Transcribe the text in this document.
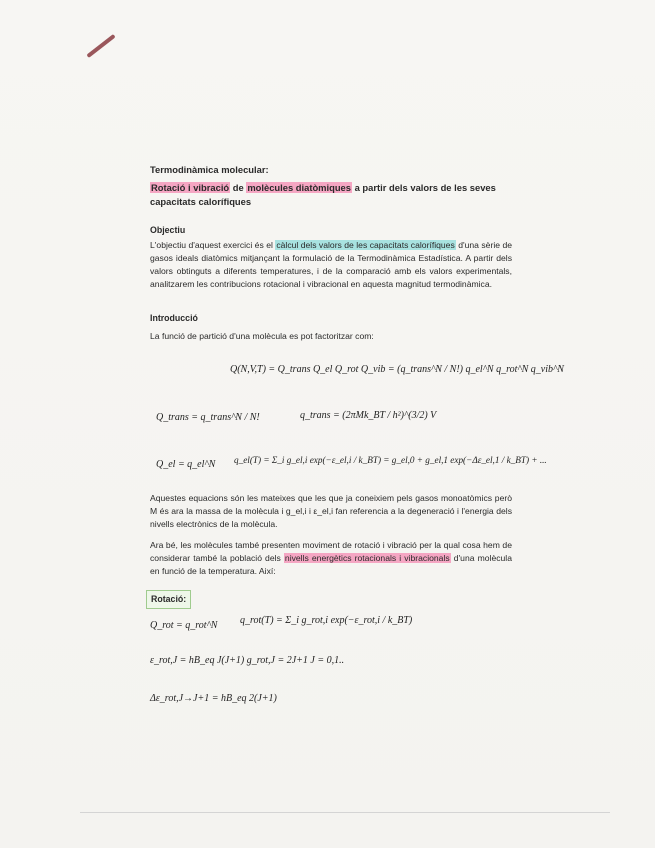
Termodinàmica molecular:
Rotació i vibració de molècules diatòmiques a partir dels valors de les seves capacitats calorífiques
Objectiu
L'objectiu d'aquest exercici és el càlcul dels valors de les capacitats calorífiques d'una sèrie de gasos ideals diatòmics mitjançant la formulació de la Termodinàmica Estadística. A partir dels valors obtinguts a diferents temperatures, i de la comparació amb els valors experimentals, analitzarem les contribucions rotacional i vibracional en aquesta magnitud termodinàmica.
Introducció
La funció de partició d'una molècula es pot factoritzar com:
Aquestes equacions són les mateixes que les que ja coneixiem pels gasos monoatòmics però M és ara la massa de la molècula i g_el,i i ε_el,i fan referencia a la degeneració i l'energia dels nivells electrònics de la molècula.
Ara bé, les molècules també presenten moviment de rotació i vibració per la qual cosa hem de considerar també la població dels nivells energètics rotacionals i vibracionals d'una molècula en funció de la temperatura. Així:
Rotació:
Q(N,V,T) = Q_trans Q_el Q_rot Q_vib = (q_trans^N / N!) q_el^N q_rot^N q_vib^N
Q_trans = q_trans^N / N!	q_trans = (2πMk_BT / h²)^(3/2) V
Q_el = q_el^N q_el(T) = Σ_i g_el,i exp(−ε_el,i / k_BT) = g_el,0 + g_el,1 exp(−Δε_el,1 / k_BT) + ...
Q_rot = q_rot^N q_rot(T) = Σ_i g_rot,i exp(−ε_rot,i / k_BT)
ε_rot,J = hB_eq J(J+1) g_rot,J = 2J+1 J = 0,1..
Δε_rot,J→J+1 = hB_eq 2(J+1)
